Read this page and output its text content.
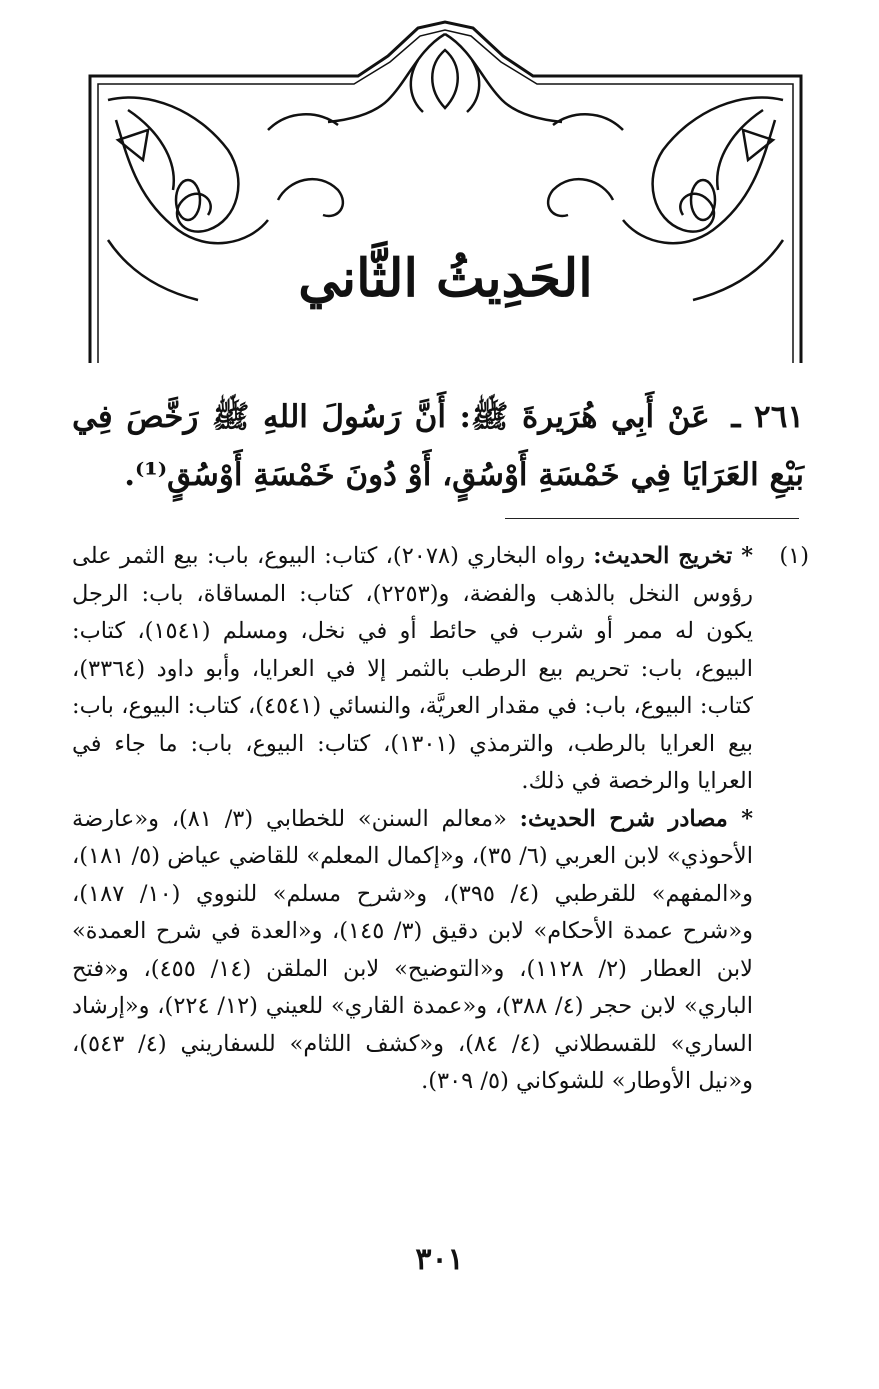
الحَدِيثُ الثَّاني
٢٦١ ـ عَنْ أَبِي هُرَيرةَ ﷺ: أَنَّ رَسُولَ اللهِ ﷺ رَخَّصَ فِي بَيْعِ العَرَايَا فِي خَمْسَةِ أَوْسُقٍ، أَوْ دُونَ خَمْسَةِ أَوْسُقٍ⁽¹⁾.
(١)

* تخريج الحديث: رواه البخاري (٢٠٧٨)، كتاب: البيوع، باب: بيع الثمر على رؤوس النخل بالذهب والفضة، و(٢٢٥٣)، كتاب: المساقاة، باب: الرجل يكون له ممر أو شرب في حائط أو في نخل، ومسلم (١٥٤١)، كتاب: البيوع، باب: تحريم بيع الرطب بالثمر إلا في العرايا، وأبو داود (٣٣٦٤)، كتاب: البيوع، باب: في مقدار العريَّة، والنسائي (٤٥٤١)، كتاب: البيوع، باب: بيع العرايا بالرطب، والترمذي (١٣٠١)، كتاب: البيوع، باب: ما جاء في العرايا والرخصة في ذلك.

* مصادر شرح الحديث: «معالم السنن» للخطابي (٣/ ٨١)، و«عارضة الأحوذي» لابن العربي (٦/ ٣٥)، و«إكمال المعلم» للقاضي عياض (٥/ ١٨١)، و«المفهم» للقرطبي (٤/ ٣٩٥)، و«شرح مسلم» للنووي (١٠/ ١٨٧)، و«شرح عمدة الأحكام» لابن دقيق (٣/ ١٤٥)، و«العدة في شرح العمدة» لابن العطار (٢/ ١١٢٨)، و«التوضيح» لابن الملقن (١٤/ ٤٥٥)، و«فتح الباري» لابن حجر (٤/ ٣٨٨)، و«عمدة القاري» للعيني (١٢/ ٢٢٤)، و«إرشاد الساري» للقسطلاني (٤/ ٨٤)، و«كشف اللثام» للسفاريني (٤/ ٥٤٣)، و«نيل الأوطار» للشوكاني (٥/ ٣٠٩).

٣٠١
